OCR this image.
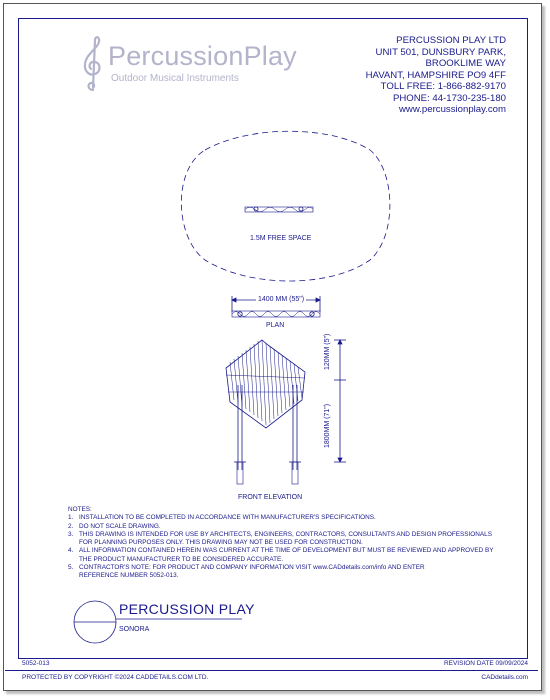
PercussionPlay
Outdoor Musical Instruments
PERCUSSION PLAY LTD
UNIT 501, DUNSBURY PARK,
BROOKLIME WAY
HAVANT, HAMPSHIRE PO9 4FF
TOLL FREE: 1-866-882-9170
PHONE: 44-1730-235-180
www.percussionplay.com
1.5M FREE SPACE
1400 MM (55")
PLAN
120MM (5")
1800MM (71")
FRONT ELEVATION
NOTES:
1. INSTALLATION TO BE COMPLETED IN ACCORDANCE WITH MANUFACTURER'S SPECIFICATIONS.
2. DO NOT SCALE DRAWING.
3. THIS DRAWING IS INTENDED FOR USE BY ARCHITECTS, ENGINEERS, CONTRACTORS, CONSULTANTS AND DESIGN PROFESSIONALS
FOR PLANNING PURPOSES ONLY. THIS DRAWING MAY NOT BE USED FOR CONSTRUCTION.
4. ALL INFORMATION CONTAINED HEREIN WAS CURRENT AT THE TIME OF DEVELOPMENT BUT MUST BE REVIEWED AND APPROVED BY
THE PRODUCT MANUFACTURER TO BE CONSIDERED ACCURATE.
5. CONTRACTOR'S NOTE: FOR PRODUCT AND COMPANY INFORMATION VISIT www.CADdetails.com/info AND ENTER
REFERENCE NUMBER 5052-013.
PERCUSSION PLAY
SONORA
5052-013	REVISION DATE 09/09/2024
PROTECTED BY COPYRIGHT ©2024 CADDETAILS.COM LTD.	CADdetails.com
